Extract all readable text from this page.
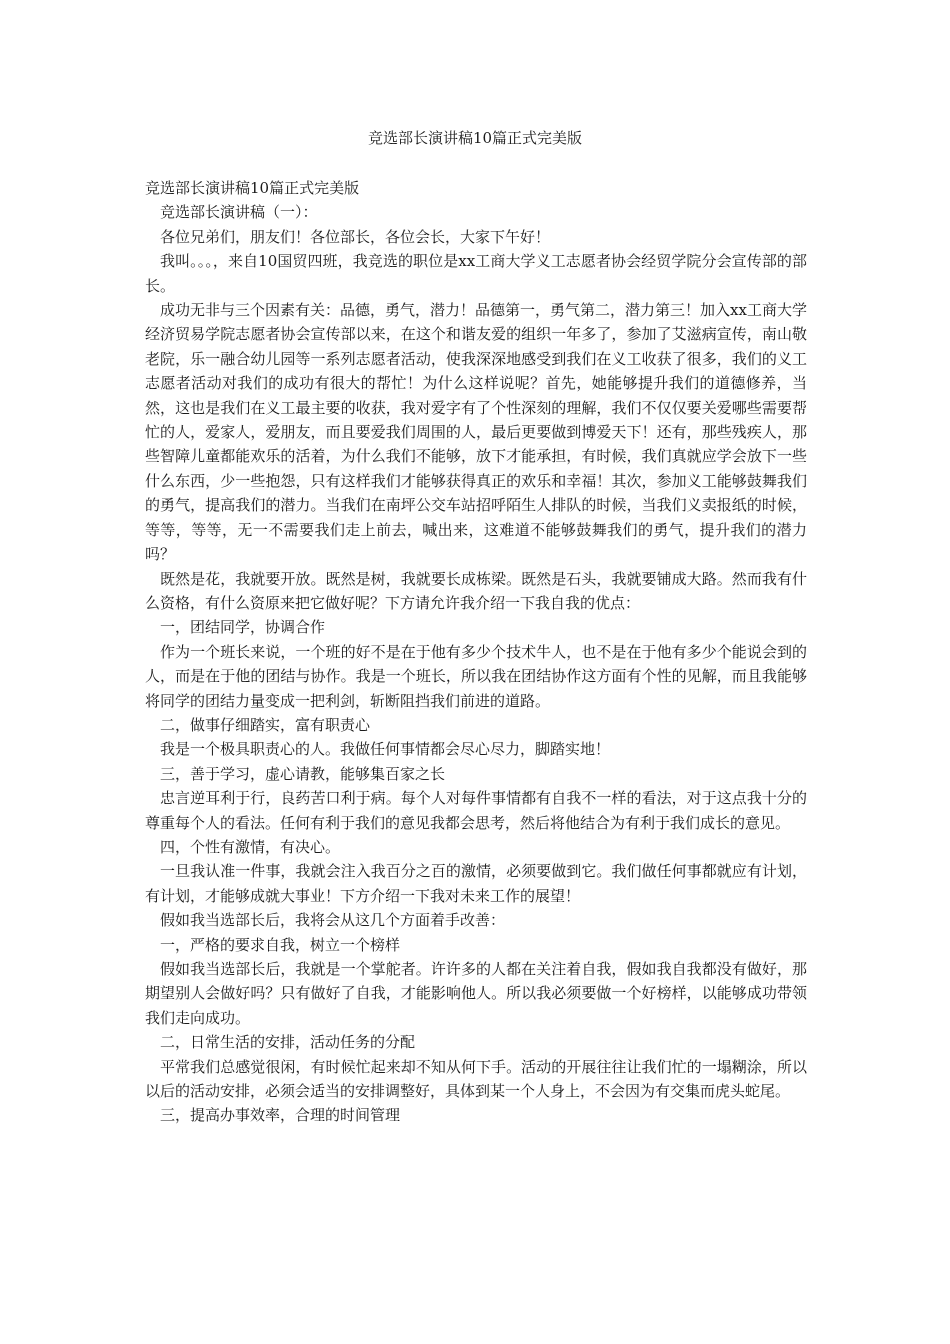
竞选部长演讲稿10篇正式完美版

竞选部长演讲稿10篇正式完美版

竞选部长演讲稿（一）：

各位兄弟们，朋友们！各位部长，各位会长，大家下午好！

我叫。。。，来自10国贸四班，我竞选的职位是xx工商大学义工志愿者协会经贸学院分会宣传部的部长。

成功无非与三个因素有关：品德，勇气，潜力！品德第一，勇气第二，潜力第三！加入xx工商大学经济贸易学院志愿者协会宣传部以来，在这个和谐友爱的组织一年多了，参加了艾滋病宣传，南山敬老院，乐一融合幼儿园等一系列志愿者活动，使我深深地感受到我们在义工收获了很多，我们的义工志愿者活动对我们的成功有很大的帮忙！为什么这样说呢？首先，她能够提升我们的道德修养，当然，这也是我们在义工最主要的收获，我对爱字有了个性深刻的理解，我们不仅仅要关爱哪些需要帮忙的人，爱家人，爱朋友，而且要爱我们周围的人，最后更要做到博爱天下！还有，那些残疾人，那些智障儿童都能欢乐的活着，为什么我们不能够，放下才能承担，有时候，我们真就应学会放下一些什么东西，少一些抱怨，只有这样我们才能够获得真正的欢乐和幸福！其次，参加义工能够鼓舞我们的勇气，提高我们的潜力。当我们在南坪公交车站招呼陌生人排队的时候，当我们义卖报纸的时候，等等，等等，无一不需要我们走上前去，喊出来，这难道不能够鼓舞我们的勇气，提升我们的潜力吗？

既然是花，我就要开放。既然是树，我就要长成栋梁。既然是石头，我就要铺成大路。然而我有什么资格，有什么资原来把它做好呢？下方请允许我介绍一下我自我的优点：

一，团结同学，协调合作

作为一个班长来说，一个班的好不是在于他有多少个技术牛人，也不是在于他有多少个能说会到的人，而是在于他的团结与协作。我是一个班长，所以我在团结协作这方面有个性的见解，而且我能够将同学的团结力量变成一把利剑，斩断阻挡我们前进的道路。

二，做事仔细踏实，富有职责心

我是一个极具职责心的人。我做任何事情都会尽心尽力，脚踏实地！

三，善于学习，虚心请教，能够集百家之长

忠言逆耳利于行，良药苦口利于病。每个人对每件事情都有自我不一样的看法，对于这点我十分的尊重每个人的看法。任何有利于我们的意见我都会思考，然后将他结合为有利于我们成长的意见。

四，个性有激情，有决心。

一旦我认准一件事，我就会注入我百分之百的激情，必须要做到它。我们做任何事都就应有计划，有计划，才能够成就大事业！下方介绍一下我对未来工作的展望！

假如我当选部长后，我将会从这几个方面着手改善：

一，严格的要求自我，树立一个榜样

假如我当选部长后，我就是一个掌舵者。许许多的人都在关注着自我，假如我自我都没有做好，那期望别人会做好吗？只有做好了自我，才能影响他人。所以我必须要做一个好榜样，以能够成功带领我们走向成功。

二，日常生活的安排，活动任务的分配

平常我们总感觉很闲，有时候忙起来却不知从何下手。活动的开展往往让我们忙的一塌糊涂，所以以后的活动安排，必须会适当的安排调整好，具体到某一个人身上，不会因为有交集而虎头蛇尾。

三，提高办事效率，合理的时间管理
